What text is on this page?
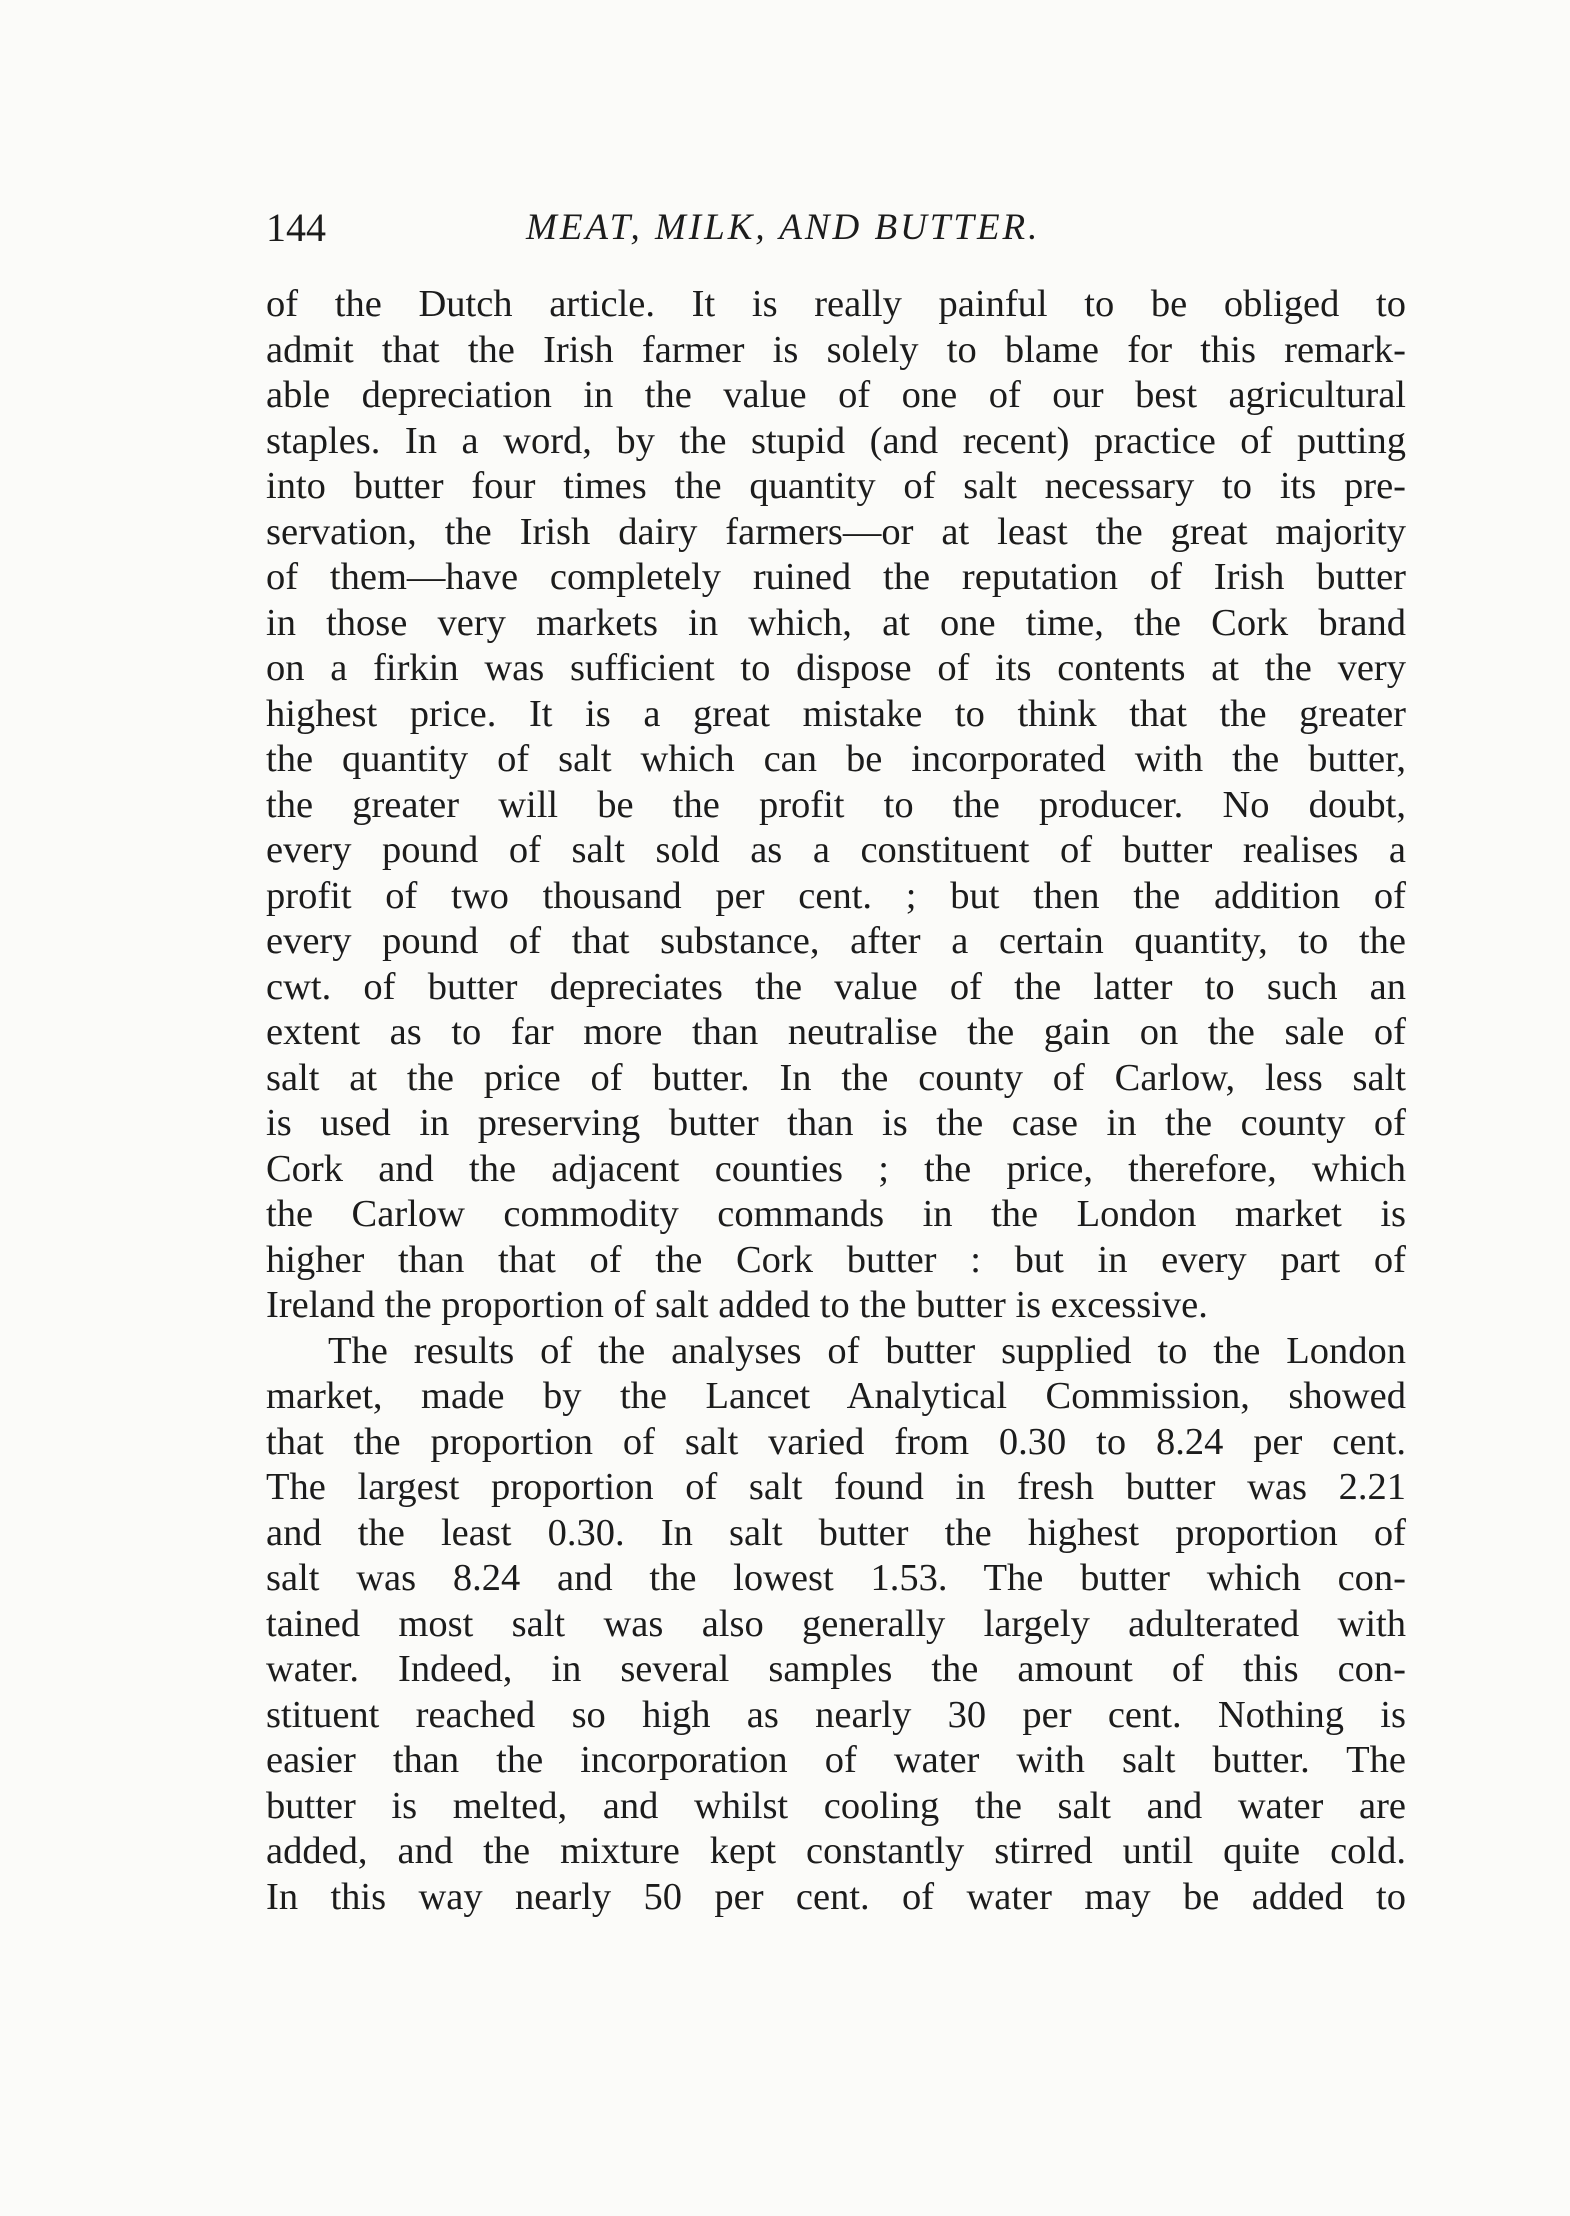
144	MEAT, MILK, AND BUTTER.
of the Dutch article. It is really painful to be obliged to
admit that the Irish farmer is solely to blame for this remark-
able depreciation in the value of one of our best agricultural
staples. In a word, by the stupid (and recent) practice of putting
into butter four times the quantity of salt necessary to its pre-
servation, the Irish dairy farmers—or at least the great majority
of them—have completely ruined the reputation of Irish butter
in those very markets in which, at one time, the Cork brand
on a firkin was sufficient to dispose of its contents at the very
highest price. It is a great mistake to think that the greater
the quantity of salt which can be incorporated with the butter,
the greater will be the profit to the producer. No doubt,
every pound of salt sold as a constituent of butter realises a
profit of two thousand per cent. ; but then the addition of
every pound of that substance, after a certain quantity, to the
cwt. of butter depreciates the value of the latter to such an
extent as to far more than neutralise the gain on the sale of
salt at the price of butter. In the county of Carlow, less salt
is used in preserving butter than is the case in the county of
Cork and the adjacent counties ; the price, therefore, which
the Carlow commodity commands in the London market is
higher than that of the Cork butter : but in every part of
Ireland the proportion of salt added to the butter is excessive.
The results of the analyses of butter supplied to the London
market, made by the Lancet Analytical Commission, showed
that the proportion of salt varied from 0.30 to 8.24 per cent.
The largest proportion of salt found in fresh butter was 2.21
and the least 0.30. In salt butter the highest proportion of
salt was 8.24 and the lowest 1.53. The butter which con-
tained most salt was also generally largely adulterated with
water. Indeed, in several samples the amount of this con-
stituent reached so high as nearly 30 per cent. Nothing is
easier than the incorporation of water with salt butter. The
butter is melted, and whilst cooling the salt and water are
added, and the mixture kept constantly stirred until quite cold.
In this way nearly 50 per cent. of water may be added to
